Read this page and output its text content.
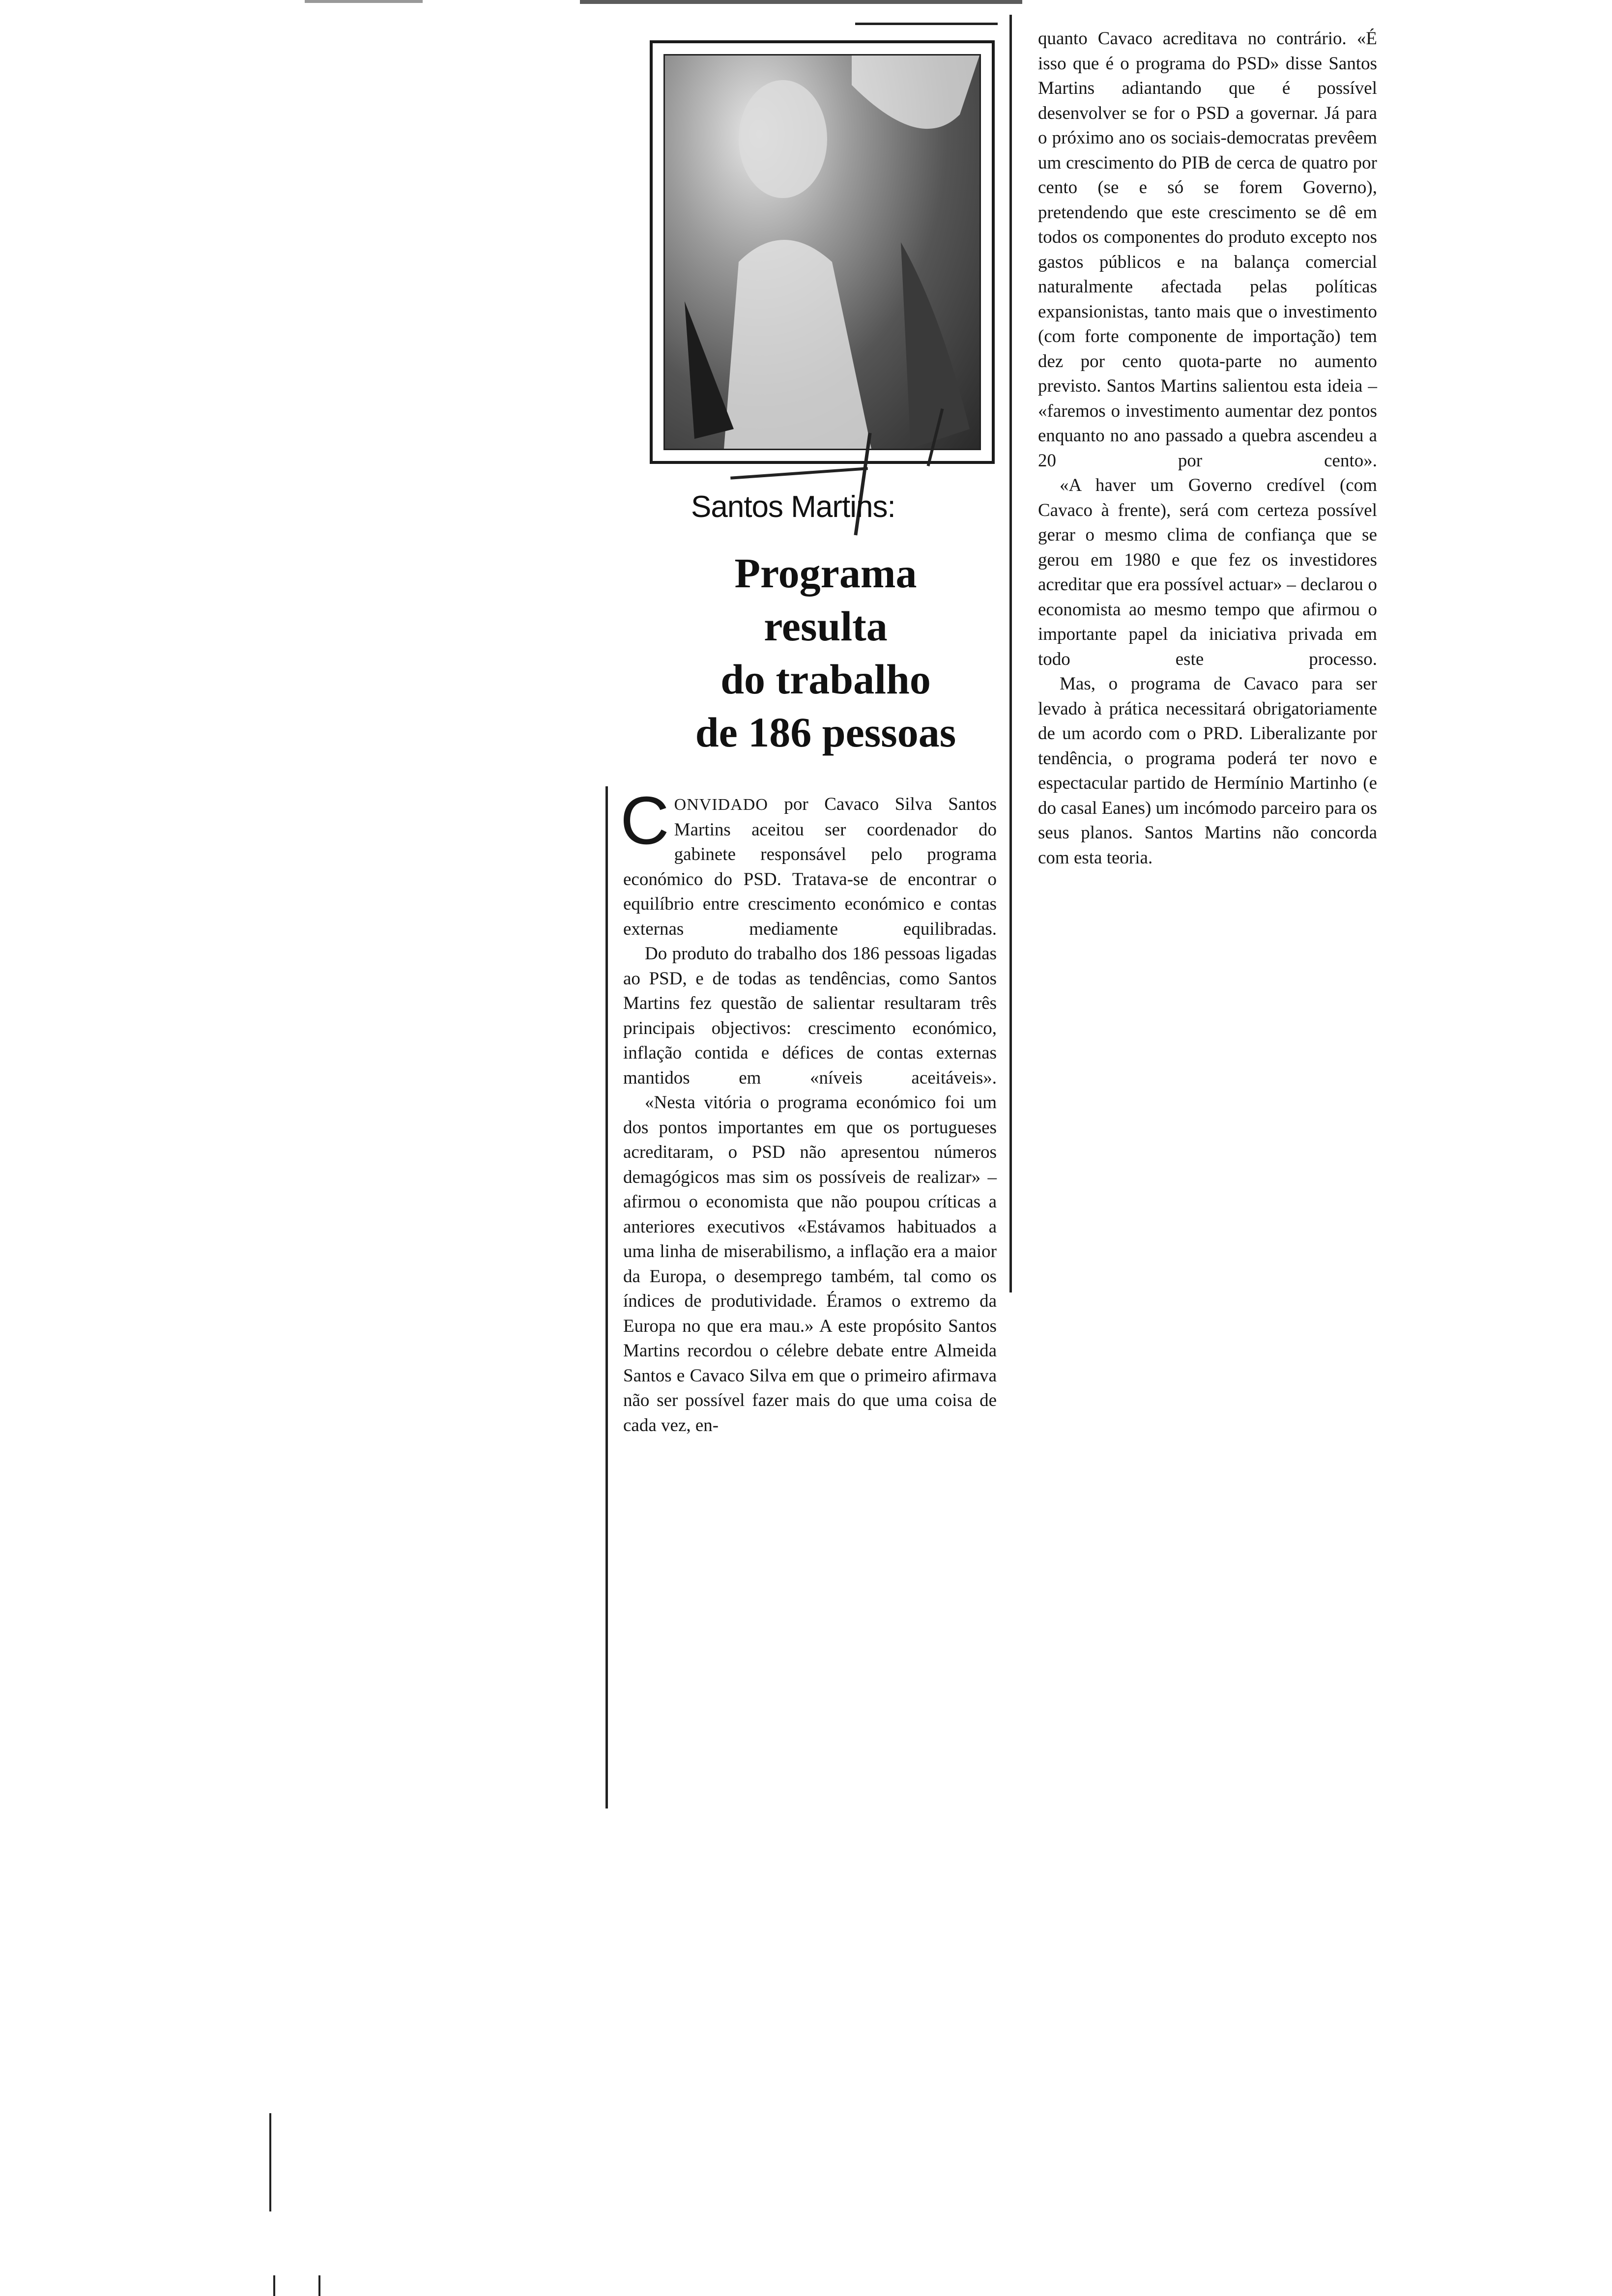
Santos Martins:
Programa
resulta
do trabalho
de 186 pessoas

CONVIDADO por Cavaco Silva Santos Martins aceitou ser coordenador do gabinete responsável pelo programa económico do PSD. Tratava-se de encontrar o equilíbrio entre crescimento económico e contas externas mediamente equilibradas.

Do produto do trabalho dos 186 pessoas ligadas ao PSD, e de todas as tendências, como Santos Martins fez questão de salientar resultaram três principais objectivos: crescimento económico, inflação contida e défices de contas externas mantidos em «níveis aceitáveis».

«Nesta vitória o programa económico foi um dos pontos importantes em que os portugueses acreditaram, o PSD não apresentou números demagógicos mas sim os possíveis de realizar» – afirmou o economista que não poupou críticas a anteriores executivos «Estávamos habituados a uma linha de miserabilismo, a inflação era a maior da Europa, o desemprego também, tal como os índices de produtividade. Éramos o extremo da Europa no que era mau.» A este propósito Santos Martins recordou o célebre debate entre Almeida Santos e Cavaco Silva em que o primeiro afirmava não ser possível fazer mais do que uma coisa de cada vez, en-

quanto Cavaco acreditava no contrário. «É isso que é o programa do PSD» disse Santos Martins adiantando que é possível desenvolver se for o PSD a governar. Já para o próximo ano os sociais-democratas prevêem um crescimento do PIB de cerca de quatro por cento (se e só se forem Governo), pretendendo que este crescimento se dê em todos os componentes do produto excepto nos gastos públicos e na balança comercial naturalmente afectada pelas políticas expansionistas, tanto mais que o investimento (com forte componente de importação) tem dez por cento quota-parte no aumento previsto. Santos Martins salientou esta ideia – «faremos o investimento aumentar dez pontos enquanto no ano passado a quebra ascendeu a 20 por cento».

«A haver um Governo credível (com Cavaco à frente), será com certeza possível gerar o mesmo clima de confiança que se gerou em 1980 e que fez os investidores acreditar que era possível actuar» – declarou o economista ao mesmo tempo que afirmou o importante papel da iniciativa privada em todo este processo.

Mas, o programa de Cavaco para ser levado à prática necessitará obrigatoriamente de um acordo com o PRD. Liberalizante por tendência, o programa poderá ter novo e espectacular partido de Hermínio Martinho (e do casal Eanes) um incómodo parceiro para os seus planos. Santos Martins não concorda com esta teoria.
